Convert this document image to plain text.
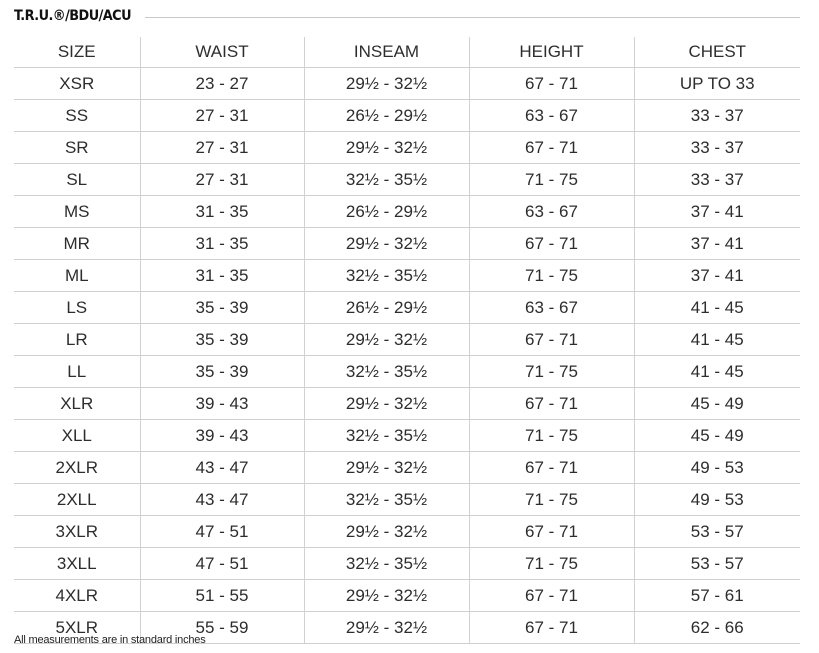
T.R.U.®/BDU/ACU
SIZE	WAIST	INSEAM	HEIGHT	CHEST
XSR	23 - 27	29½ - 32½	67 - 71	UP TO 33
SS	27 - 31	26½ - 29½	63 - 67	33 - 37
SR	27 - 31	29½ - 32½	67 - 71	33 - 37
SL	27 - 31	32½ - 35½	71 - 75	33 - 37
MS	31 - 35	26½ - 29½	63 - 67	37 - 41
MR	31 - 35	29½ - 32½	67 - 71	37 - 41
ML	31 - 35	32½ - 35½	71 - 75	37 - 41
LS	35 - 39	26½ - 29½	63 - 67	41 - 45
LR	35 - 39	29½ - 32½	67 - 71	41 - 45
LL	35 - 39	32½ - 35½	71 - 75	41 - 45
XLR	39 - 43	29½ - 32½	67 - 71	45 - 49
XLL	39 - 43	32½ - 35½	71 - 75	45 - 49
2XLR	43 - 47	29½ - 32½	67 - 71	49 - 53
2XLL	43 - 47	32½ - 35½	71 - 75	49 - 53
3XLR	47 - 51	29½ - 32½	67 - 71	53 - 57
3XLL	47 - 51	32½ - 35½	71 - 75	53 - 57
4XLR	51 - 55	29½ - 32½	67 - 71	57 - 61
5XLR	55 - 59	29½ - 32½	67 - 71	62 - 66
All measurements are in standard inches
